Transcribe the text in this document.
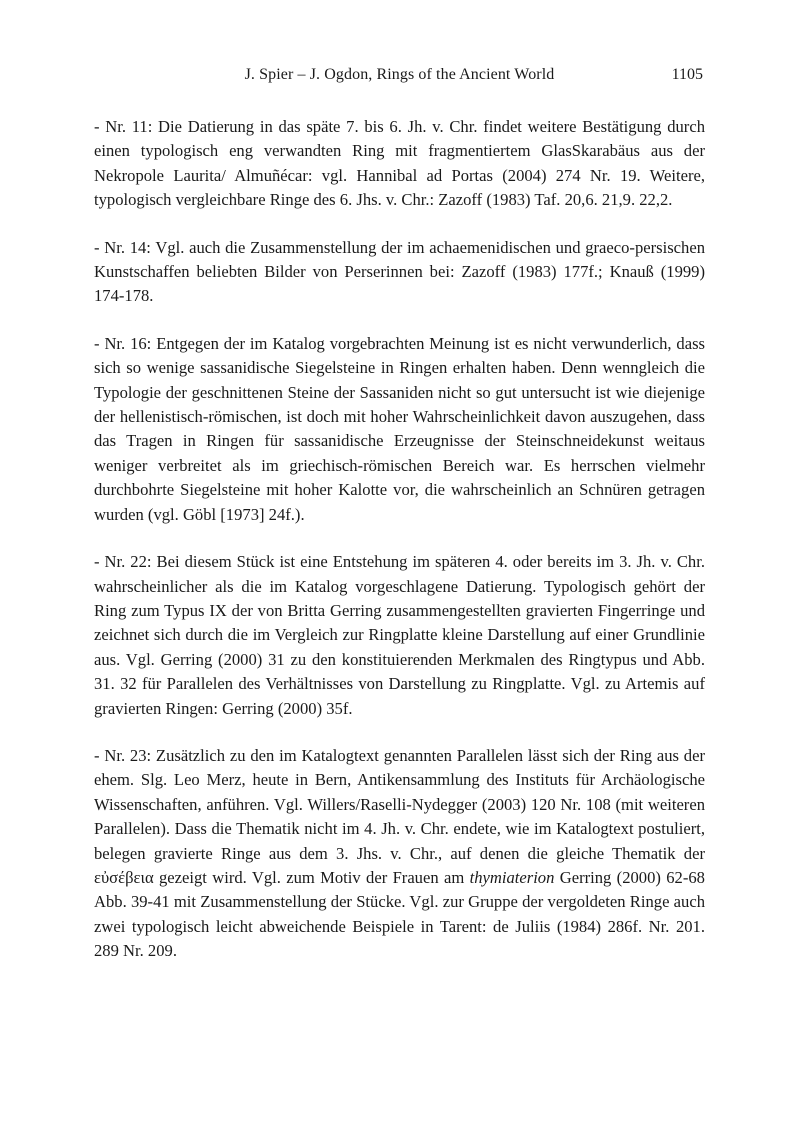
J. Spier – J. Ogdon, Rings of the Ancient World	1105

- Nr. 11: Die Datierung in das späte 7. bis 6. Jh. v. Chr. findet weitere Bestätigung durch einen typologisch eng verwandten Ring mit fragmentiertem GlasSkarabäus aus der Nekropole Laurita/ Almuñécar: vgl. Hannibal ad Portas (2004) 274 Nr. 19. Weitere, typologisch vergleichbare Ringe des 6. Jhs. v. Chr.: Zazoff (1983) Taf. 20,6. 21,9. 22,2.

- Nr. 14: Vgl. auch die Zusammenstellung der im achaemenidischen und graeco-persischen Kunstschaffen beliebten Bilder von Perserinnen bei: Zazoff (1983) 177f.; Knauß (1999) 174-178.

- Nr. 16: Entgegen der im Katalog vorgebrachten Meinung ist es nicht verwunderlich, dass sich so wenige sassanidische Siegelsteine in Ringen erhalten haben. Denn wenngleich die Typologie der geschnittenen Steine der Sassaniden nicht so gut untersucht ist wie diejenige der hellenistisch-römischen, ist doch mit hoher Wahrscheinlichkeit davon auszugehen, dass das Tragen in Ringen für sassanidische Erzeugnisse der Steinschneidekunst weitaus weniger verbreitet als im griechisch-römischen Bereich war. Es herrschen vielmehr durchbohrte Siegelsteine mit hoher Kalotte vor, die wahrscheinlich an Schnüren getragen wurden (vgl. Göbl [1973] 24f.).

- Nr. 22: Bei diesem Stück ist eine Entstehung im späteren 4. oder bereits im 3. Jh. v. Chr. wahrscheinlicher als die im Katalog vorgeschlagene Datierung. Typologisch gehört der Ring zum Typus IX der von Britta Gerring zusammengestellten gravierten Fingerringe und zeichnet sich durch die im Vergleich zur Ringplatte kleine Darstellung auf einer Grundlinie aus. Vgl. Gerring (2000) 31 zu den konstituierenden Merkmalen des Ringtypus und Abb. 31. 32 für Parallelen des Verhältnisses von Darstellung zu Ringplatte. Vgl. zu Artemis auf gravierten Ringen: Gerring (2000) 35f.

- Nr. 23: Zusätzlich zu den im Katalogtext genannten Parallelen lässt sich der Ring aus der ehem. Slg. Leo Merz, heute in Bern, Antikensammlung des Instituts für Archäologische Wissenschaften, anführen. Vgl. Willers/Raselli-Nydegger (2003) 120 Nr. 108 (mit weiteren Parallelen). Dass die Thematik nicht im 4. Jh. v. Chr. endete, wie im Katalogtext postuliert, belegen gravierte Ringe aus dem 3. Jhs. v. Chr., auf denen die gleiche Thematik der εὐσέβεια gezeigt wird. Vgl. zum Motiv der Frauen am thymiaterion Gerring (2000) 62-68 Abb. 39-41 mit Zusammenstellung der Stücke. Vgl. zur Gruppe der vergoldeten Ringe auch zwei typologisch leicht abweichende Beispiele in Tarent: de Juliis (1984) 286f. Nr. 201. 289 Nr. 209.
